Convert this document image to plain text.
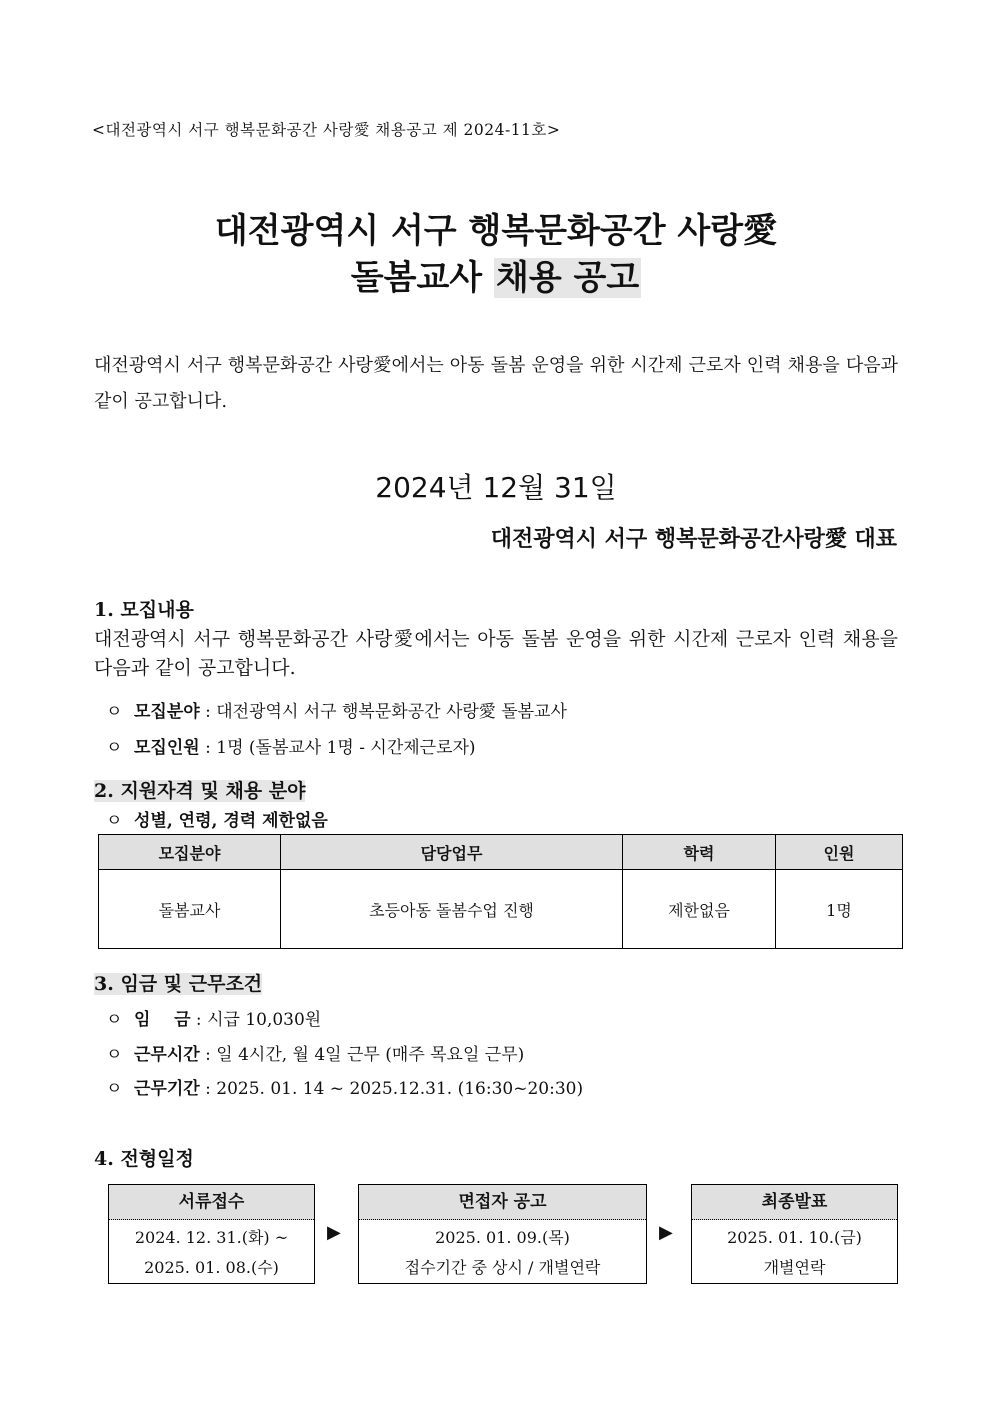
<대전광역시 서구 행복문화공간 사랑愛 채용공고 제 2024-11호>
대전광역시 서구 행복문화공간 사랑愛
돌봄교사 채용 공고
대전광역시 서구 행복문화공간 사랑愛에서는 아동 돌봄 운영을 위한 시간제 근로자 인력 채용을 다음과 같이 공고합니다.
2024년 12월 31일
대전광역시 서구 행복문화공간사랑愛 대표
1. 모집내용
대전광역시 서구 행복문화공간 사랑愛에서는 아동 돌봄 운영을 위한 시간제 근로자 인력 채용을 다음과 같이 공고합니다.
ㅇ 모집분야 : 대전광역시 서구 행복문화공간 사랑愛 돌봄교사
ㅇ 모집인원 : 1명 (돌봄교사 1명 - 시간제근로자)
2. 지원자격 및 채용 분야
ㅇ 성별, 연령, 경력 제한없음
모집분야	담당업무	학력	인원
돌봄교사	초등아동 돌봄수업 진행	제한없음	1명
3. 임금 및 근무조건
ㅇ 임    금 : 시급 10,030원
ㅇ 근무시간 : 일 4시간, 월 4일 근무 (매주 목요일 근무)
ㅇ 근무기간 : 2025. 01. 14 ~ 2025.12.31. (16:30~20:30)
4. 전형일정
서류접수
2024. 12. 31.(화) ~
2025. 01. 08.(수)
▶
면접자 공고
2025. 01. 09.(목)
접수기간 중 상시 / 개별연락
▶
최종발표
2025. 01. 10.(금)
개별연락
